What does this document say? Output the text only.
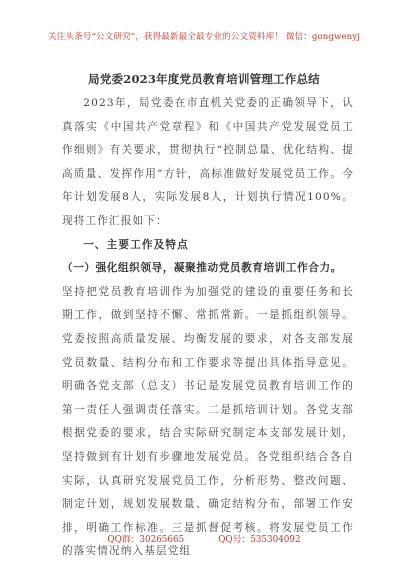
关注头条号“公文研究”，获得最新最全最专业的公文资料库！ 微信：gongwenyj
局党委2023年度党员教育培训管理工作总结

2023年，局党委在市直机关党委的正确领导下，认真落实《中国共产党章程》和《中国共产党发展党员工作细则》有关要求，贯彻执行“控制总量、优化结构、提高质量、发挥作用”方针，高标准做好发展党员工作。今年计划发展8人，实际发展8人，计划执行情况100%。现将工作汇报如下：

一、主要工作及特点

（一）强化组织领导，凝聚推动党员教育培训工作合力。

坚持把党员教育培训作为加强党的建设的重要任务和长期工作，做到坚持不懈、常抓常新。一是抓组织领导。党委按照高质量发展、均衡发展的要求，对各支部发展党员数量、结构分布和工作要求等提出具体指导意见。明确各党支部（总支）书记是发展党员教育培训工作的第一责任人强调责任落实。二是抓培训计划。各党支部根据党委的要求，结合实际研究制定本支部发展计划，坚持做到有计划有步骤地发展党员。各党组织结合各自实际，认真研究发展党员工作，分析形势、整改问题、制定计划，规划发展数量、确定结构分布，部署工作安排，明确工作标准。三是抓督促考核。将发展党员工作的落实情况纳入基层党组

QQ群：30265665	QQ号：535304092
